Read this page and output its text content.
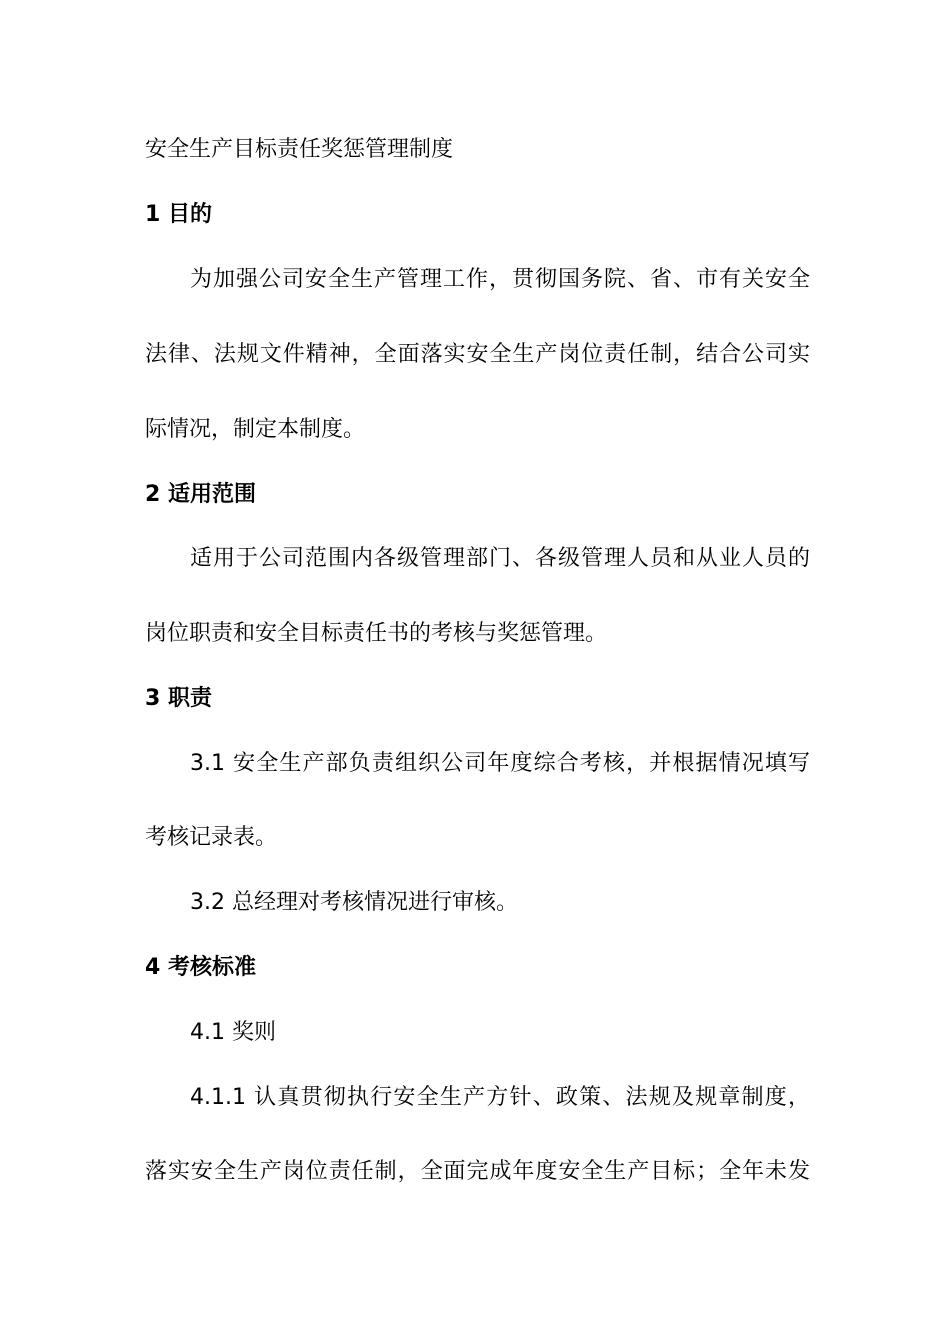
安全生产目标责任奖惩管理制度
1 目的
为加强公司安全生产管理工作，贯彻国务院、省、市有关安全
法律、法规文件精神，全面落实安全生产岗位责任制，结合公司实
际情况，制定本制度。
2 适用范围
适用于公司范围内各级管理部门、各级管理人员和从业人员的
岗位职责和安全目标责任书的考核与奖惩管理。
3 职责
3.1 安全生产部负责组织公司年度综合考核，并根据情况填写
考核记录表。
3.2 总经理对考核情况进行审核。
4 考核标准
4.1 奖则
4.1.1 认真贯彻执行安全生产方针、政策、法规及规章制度，
落实安全生产岗位责任制，全面完成年度安全生产目标；全年未发
